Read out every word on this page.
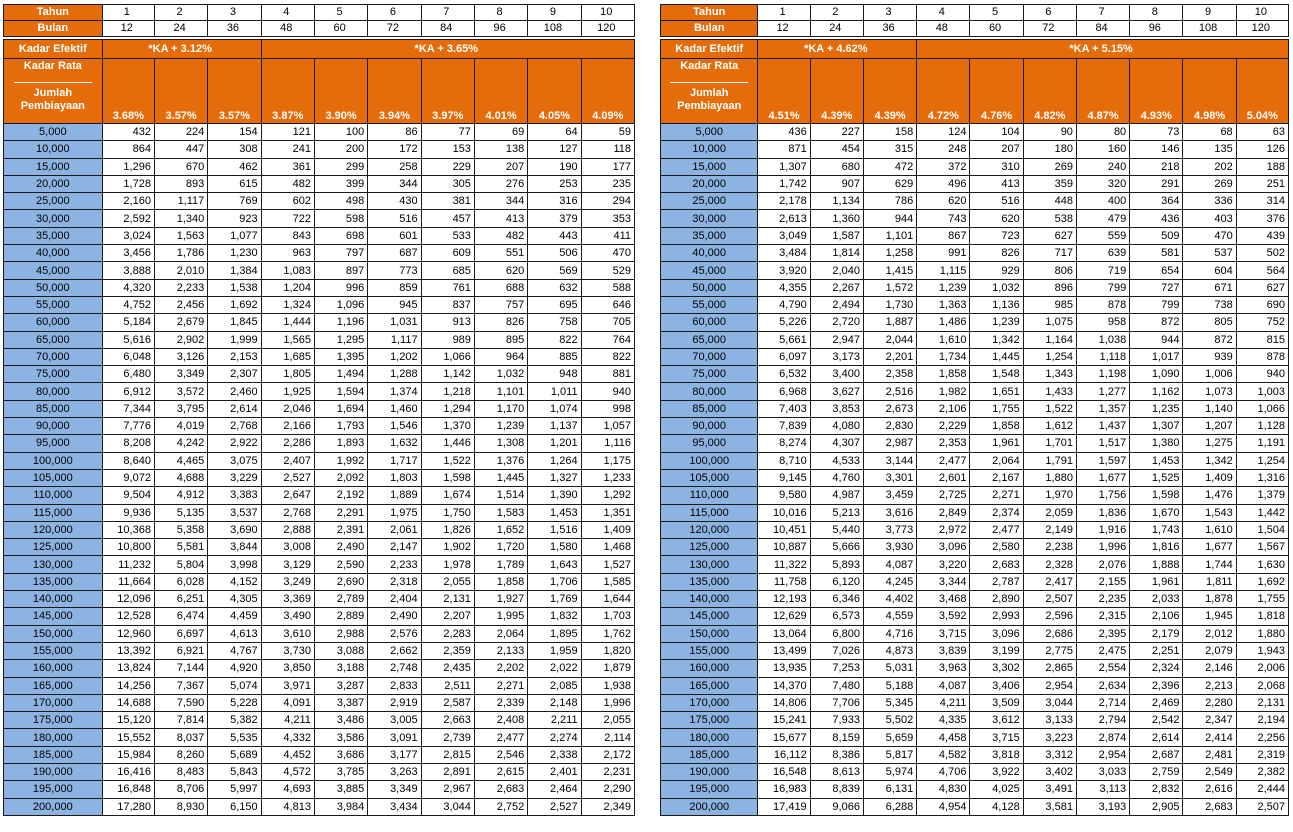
Tahun	1	2	3	4	5	6	7	8	9	10
Bulan	12	24	36	48	60	72	84	96	108	120

Kadar Efektif	*KA + 3.12%			*KA + 3.65%						

Kadar Rata
Jumlah
Pembiayaan	3.68%	3.57%	3.57%	3.87%	3.90%	3.94%	3.97%	4.01%	4.05%	4.09%
5,000	432	224	154	121	100	86	77	69	64	59
10,000	864	447	308	241	200	172	153	138	127	118
15,000	1,296	670	462	361	299	258	229	207	190	177
20,000	1,728	893	615	482	399	344	305	276	253	235
25,000	2,160	1,117	769	602	498	430	381	344	316	294
30,000	2,592	1,340	923	722	598	516	457	413	379	353
35,000	3,024	1,563	1,077	843	698	601	533	482	443	411
40,000	3,456	1,786	1,230	963	797	687	609	551	506	470
45,000	3,888	2,010	1,384	1,083	897	773	685	620	569	529
50,000	4,320	2,233	1,538	1,204	996	859	761	688	632	588
55,000	4,752	2,456	1,692	1,324	1,096	945	837	757	695	646
60,000	5,184	2,679	1,845	1,444	1,196	1,031	913	826	758	705
65,000	5,616	2,902	1,999	1,565	1,295	1,117	989	895	822	764
70,000	6,048	3,126	2,153	1,685	1,395	1,202	1,066	964	885	822
75,000	6,480	3,349	2,307	1,805	1,494	1,288	1,142	1,032	948	881
80,000	6,912	3,572	2,460	1,925	1,594	1,374	1,218	1,101	1,011	940
85,000	7,344	3,795	2,614	2,046	1,694	1,460	1,294	1,170	1,074	998
90,000	7,776	4,019	2,768	2,166	1,793	1,546	1,370	1,239	1,137	1,057
95,000	8,208	4,242	2,922	2,286	1,893	1,632	1,446	1,308	1,201	1,116
100,000	8,640	4,465	3,075	2,407	1,992	1,717	1,522	1,376	1,264	1,175
105,000	9,072	4,688	3,229	2,527	2,092	1,803	1,598	1,445	1,327	1,233
110,000	9,504	4,912	3,383	2,647	2,192	1,889	1,674	1,514	1,390	1,292
115,000	9,936	5,135	3,537	2,768	2,291	1,975	1,750	1,583	1,453	1,351
120,000	10,368	5,358	3,690	2,888	2,391	2,061	1,826	1,652	1,516	1,409
125,000	10,800	5,581	3,844	3,008	2,490	2,147	1,902	1,720	1,580	1,468
130,000	11,232	5,804	3,998	3,129	2,590	2,233	1,978	1,789	1,643	1,527
135,000	11,664	6,028	4,152	3,249	2,690	2,318	2,055	1,858	1,706	1,585
140,000	12,096	6,251	4,305	3,369	2,789	2,404	2,131	1,927	1,769	1,644
145,000	12,528	6,474	4,459	3,490	2,889	2,490	2,207	1,995	1,832	1,703
150,000	12,960	6,697	4,613	3,610	2,988	2,576	2,283	2,064	1,895	1,762
155,000	13,392	6,921	4,767	3,730	3,088	2,662	2,359	2,133	1,959	1,820
160,000	13,824	7,144	4,920	3,850	3,188	2,748	2,435	2,202	2,022	1,879
165,000	14,256	7,367	5,074	3,971	3,287	2,833	2,511	2,271	2,085	1,938
170,000	14,688	7,590	5,228	4,091	3,387	2,919	2,587	2,339	2,148	1,996
175,000	15,120	7,814	5,382	4,211	3,486	3,005	2,663	2,408	2,211	2,055
180,000	15,552	8,037	5,535	4,332	3,586	3,091	2,739	2,477	2,274	2,114
185,000	15,984	8,260	5,689	4,452	3,686	3,177	2,815	2,546	2,338	2,172
190,000	16,416	8,483	5,843	4,572	3,785	3,263	2,891	2,615	2,401	2,231
195,000	16,848	8,706	5,997	4,693	3,885	3,349	2,967	2,683	2,464	2,290
200,000	17,280	8,930	6,150	4,813	3,984	3,434	3,044	2,752	2,527	2,349
Tahun	1	2	3	4	5	6	7	8	9	10
Bulan	12	24	36	48	60	72	84	96	108	120

Kadar Efektif	*KA + 4.62%			*KA + 5.15%						

Kadar Rata
Jumlah
Pembiayaan	4.51%	4.39%	4.39%	4.72%	4.76%	4.82%	4.87%	4.93%	4.98%	5.04%
5,000	436	227	158	124	104	90	80	73	68	63
10,000	871	454	315	248	207	180	160	146	135	126
15,000	1,307	680	472	372	310	269	240	218	202	188
20,000	1,742	907	629	496	413	359	320	291	269	251
25,000	2,178	1,134	786	620	516	448	400	364	336	314
30,000	2,613	1,360	944	743	620	538	479	436	403	376
35,000	3,049	1,587	1,101	867	723	627	559	509	470	439
40,000	3,484	1,814	1,258	991	826	717	639	581	537	502
45,000	3,920	2,040	1,415	1,115	929	806	719	654	604	564
50,000	4,355	2,267	1,572	1,239	1,032	896	799	727	671	627
55,000	4,790	2,494	1,730	1,363	1,136	985	878	799	738	690
60,000	5,226	2,720	1,887	1,486	1,239	1,075	958	872	805	752
65,000	5,661	2,947	2,044	1,610	1,342	1,164	1,038	944	872	815
70,000	6,097	3,173	2,201	1,734	1,445	1,254	1,118	1,017	939	878
75,000	6,532	3,400	2,358	1,858	1,548	1,343	1,198	1,090	1,006	940
80,000	6,968	3,627	2,516	1,982	1,651	1,433	1,277	1,162	1,073	1,003
85,000	7,403	3,853	2,673	2,106	1,755	1,522	1,357	1,235	1,140	1,066
90,000	7,839	4,080	2,830	2,229	1,858	1,612	1,437	1,307	1,207	1,128
95,000	8,274	4,307	2,987	2,353	1,961	1,701	1,517	1,380	1,275	1,191
100,000	8,710	4,533	3,144	2,477	2,064	1,791	1,597	1,453	1,342	1,254
105,000	9,145	4,760	3,301	2,601	2,167	1,880	1,677	1,525	1,409	1,316
110,000	9,580	4,987	3,459	2,725	2,271	1,970	1,756	1,598	1,476	1,379
115,000	10,016	5,213	3,616	2,849	2,374	2,059	1,836	1,670	1,543	1,442
120,000	10,451	5,440	3,773	2,972	2,477	2,149	1,916	1,743	1,610	1,504
125,000	10,887	5,666	3,930	3,096	2,580	2,238	1,996	1,816	1,677	1,567
130,000	11,322	5,893	4,087	3,220	2,683	2,328	2,076	1,888	1,744	1,630
135,000	11,758	6,120	4,245	3,344	2,787	2,417	2,155	1,961	1,811	1,692
140,000	12,193	6,346	4,402	3,468	2,890	2,507	2,235	2,033	1,878	1,755
145,000	12,629	6,573	4,559	3,592	2,993	2,596	2,315	2,106	1,945	1,818
150,000	13,064	6,800	4,716	3,715	3,096	2,686	2,395	2,179	2,012	1,880
155,000	13,499	7,026	4,873	3,839	3,199	2,775	2,475	2,251	2,079	1,943
160,000	13,935	7,253	5,031	3,963	3,302	2,865	2,554	2,324	2,146	2,006
165,000	14,370	7,480	5,188	4,087	3,406	2,954	2,634	2,396	2,213	2,068
170,000	14,806	7,706	5,345	4,211	3,509	3,044	2,714	2,469	2,280	2,131
175,000	15,241	7,933	5,502	4,335	3,612	3,133	2,794	2,542	2,347	2,194
180,000	15,677	8,159	5,659	4,458	3,715	3,223	2,874	2,614	2,414	2,256
185,000	16,112	8,386	5,817	4,582	3,818	3,312	2,954	2,687	2,481	2,319
190,000	16,548	8,613	5,974	4,706	3,922	3,402	3,033	2,759	2,549	2,382
195,000	16,983	8,839	6,131	4,830	4,025	3,491	3,113	2,832	2,616	2,444
200,000	17,419	9,066	6,288	4,954	4,128	3,581	3,193	2,905	2,683	2,507
